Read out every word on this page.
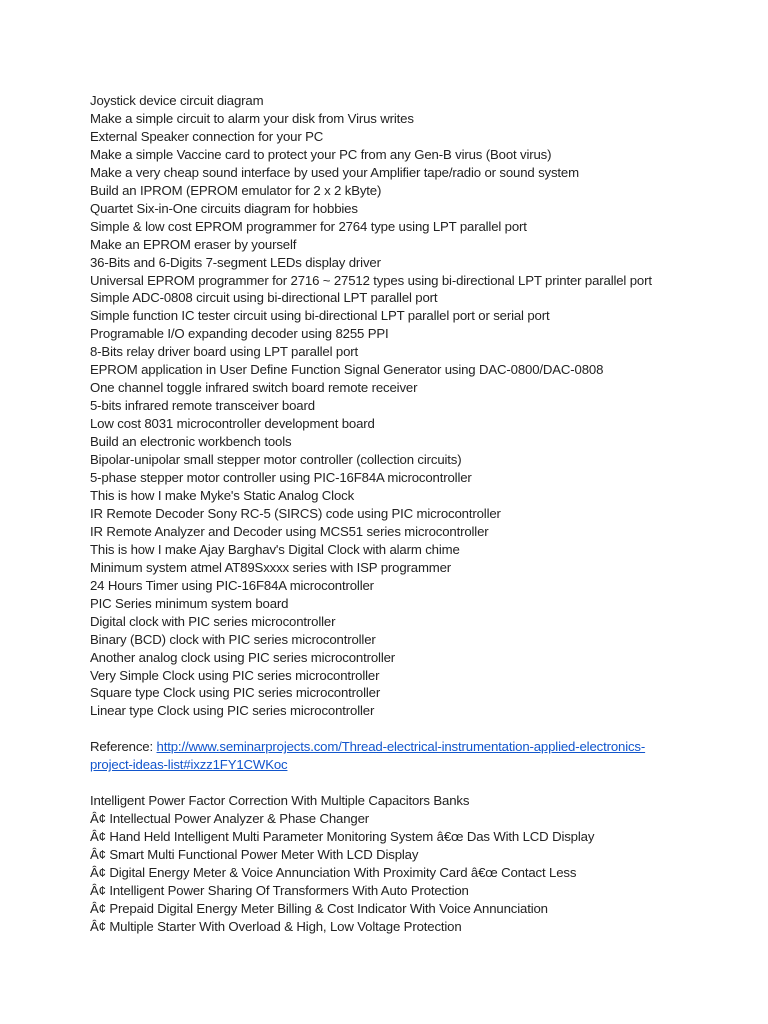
Joystick device circuit diagram
Make a simple circuit to alarm your disk from Virus writes
External Speaker connection for your PC
Make a simple Vaccine card to protect your PC from any Gen-B virus (Boot virus)
Make a very cheap sound interface by used your Amplifier tape/radio or sound system
Build an IPROM (EPROM emulator for 2 x 2 kByte)
Quartet Six-in-One circuits diagram for hobbies
Simple & low cost EPROM programmer for 2764 type using LPT parallel port
Make an EPROM eraser by yourself
36-Bits and 6-Digits 7-segment LEDs display driver
Universal EPROM programmer for 2716 ~ 27512 types using bi-directional LPT printer parallel port
Simple ADC-0808 circuit using bi-directional LPT parallel port
Simple function IC tester circuit using bi-directional LPT parallel port or serial port
Programable I/O expanding decoder using 8255 PPI
8-Bits relay driver board using LPT parallel port
EPROM application in User Define Function Signal Generator using DAC-0800/DAC-0808
One channel toggle infrared switch board remote receiver
5-bits infrared remote transceiver board
Low cost 8031 microcontroller development board
Build an electronic workbench tools
Bipolar-unipolar small stepper motor controller (collection circuits)
5-phase stepper motor controller using PIC-16F84A microcontroller
This is how I make Myke's Static Analog Clock
IR Remote Decoder Sony RC-5 (SIRCS) code using PIC microcontroller
IR Remote Analyzer and Decoder using MCS51 series microcontroller
This is how I make Ajay Barghav's Digital Clock with alarm chime
Minimum system atmel AT89Sxxxx series with ISP programmer
24 Hours Timer using PIC-16F84A microcontroller
PIC Series minimum system board
Digital clock with PIC series microcontroller
Binary (BCD) clock with PIC series microcontroller
Another analog clock using PIC series microcontroller
Very Simple Clock using PIC series microcontroller
Square type Clock using PIC series microcontroller
Linear type Clock using PIC series microcontroller
Reference: http://www.seminarprojects.com/Thread-electrical-instrumentation-applied-electronics-
project-ideas-list#ixzz1FY1CWKoc
Intelligent Power Factor Correction With Multiple Capacitors Banks
Â¢ Intellectual Power Analyzer & Phase Changer
Â¢ Hand Held Intelligent Multi Parameter Monitoring System â€œ Das With LCD Display
Â¢ Smart Multi Functional Power Meter With LCD Display
Â¢ Digital Energy Meter & Voice Annunciation With Proximity Card â€œ Contact Less
Â¢ Intelligent Power Sharing Of Transformers With Auto Protection
Â¢ Prepaid Digital Energy Meter Billing & Cost Indicator With Voice Annunciation
Â¢ Multiple Starter With Overload & High, Low Voltage Protection
